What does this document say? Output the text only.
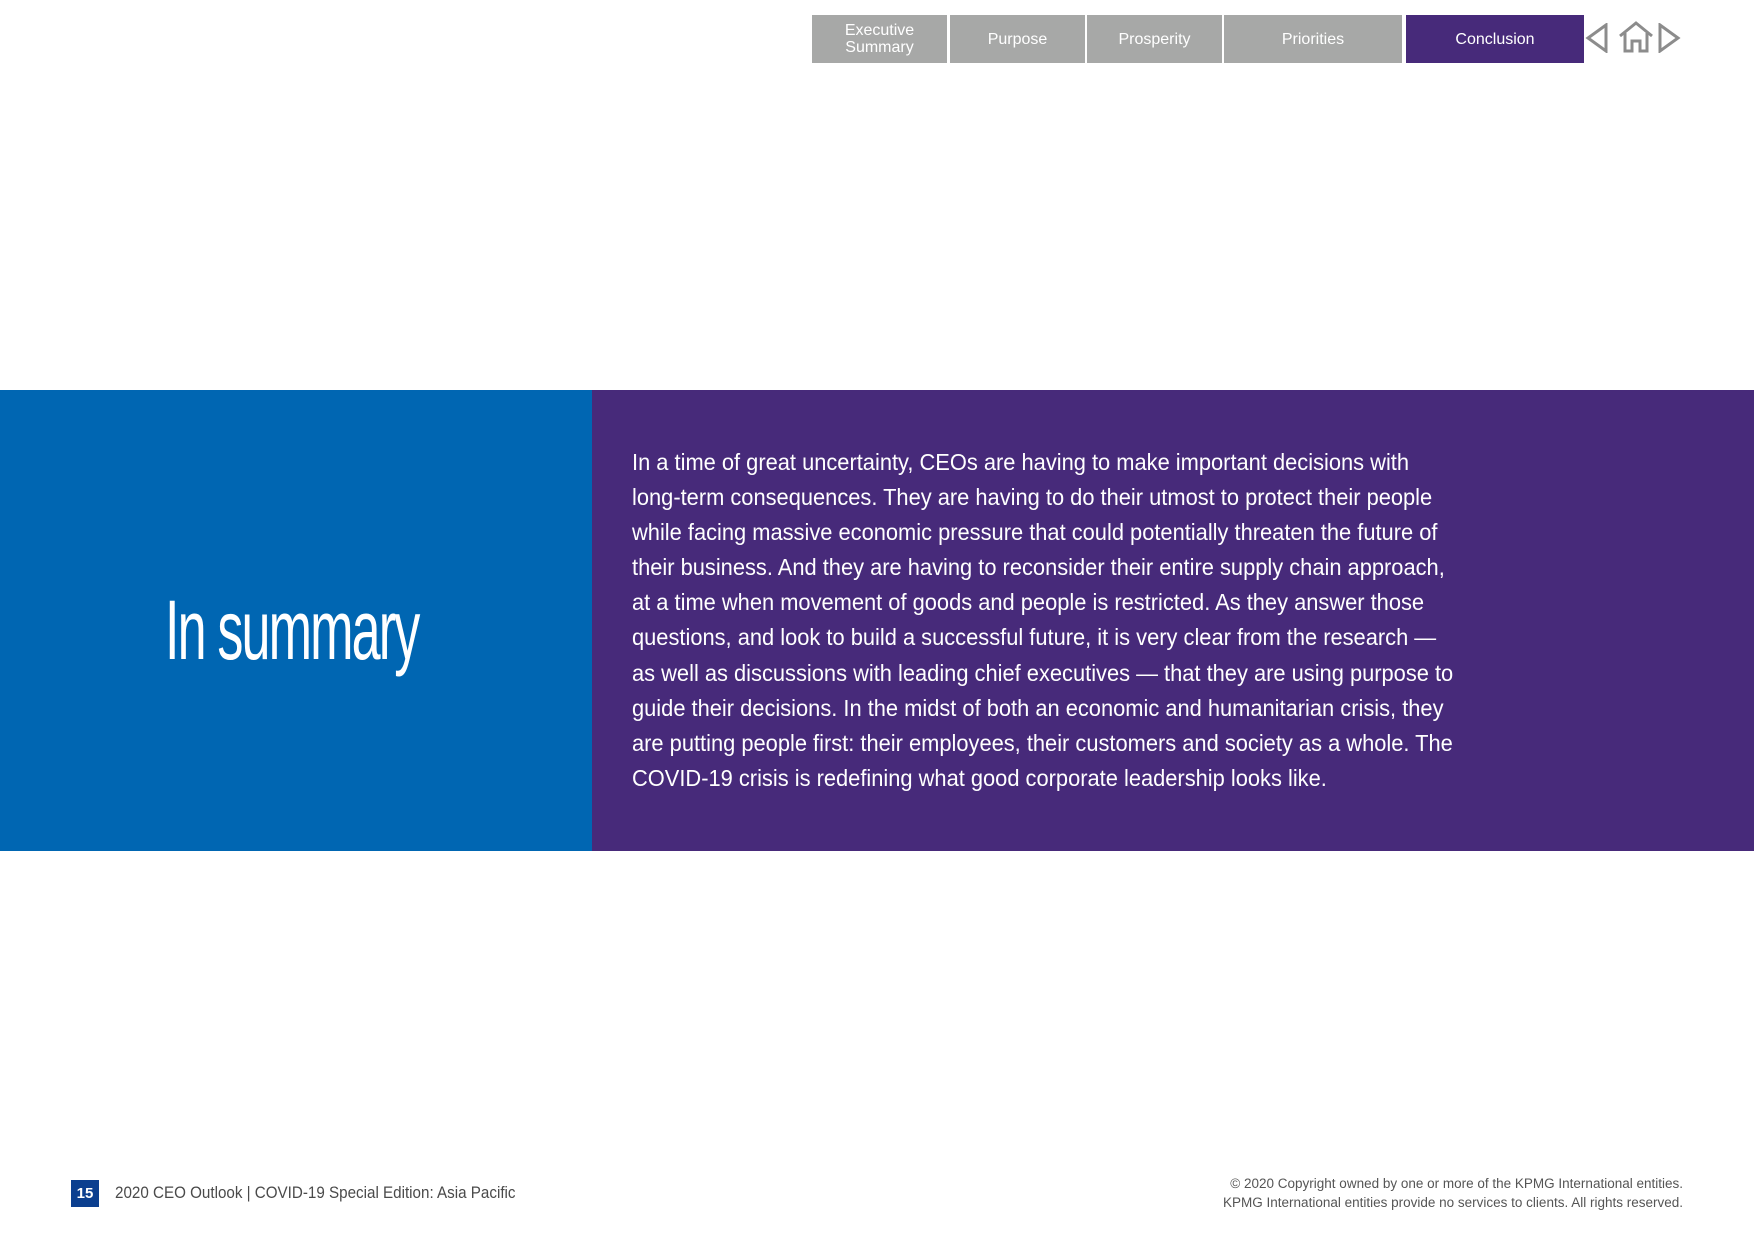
Executive
Summary	Purpose	Prosperity	Priorities	Conclusion
In summary
In a time of great uncertainty, CEOs are having to make important decisions with
long-term consequences. They are having to do their utmost to protect their people
while facing massive economic pressure that could potentially threaten the future of
their business. And they are having to reconsider their entire supply chain approach,
at a time when movement of goods and people is restricted. As they answer those
questions, and look to build a successful future, it is very clear from the research —
as well as discussions with leading chief executives — that they are using purpose to
guide their decisions. In the midst of both an economic and humanitarian crisis, they
are putting people first: their employees, their customers and society as a whole. The
COVID-19 crisis is redefining what good corporate leadership looks like.
15	2020 CEO Outlook | COVID-19 Special Edition: Asia Pacific
© 2020 Copyright owned by one or more of the KPMG International entities.
KPMG International entities provide no services to clients. All rights reserved.
